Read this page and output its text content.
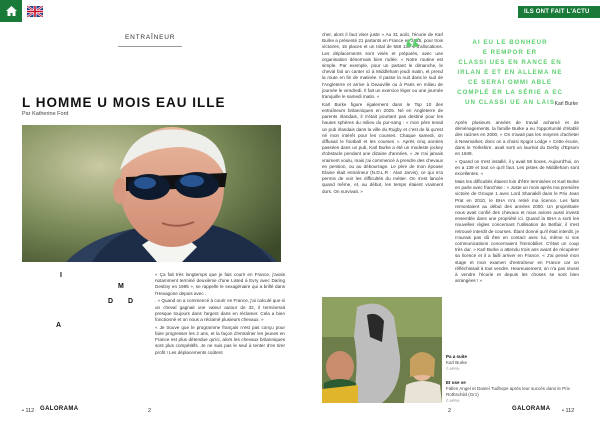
ILS ONT FAIT L'ACTU
ENTRAÎNEUR
L HOMME U MOIS EAU ILLE
Par Katherine Ford
I
M
D D
A

« Ça fait très longtemps que je fais courir en France, j'avais notamment terminé deuxième d'une Listed à Evry avec Daring Destiny en 1995 », se rappelle le sexagénaire qui a brillé dans l'Hexagone depuis avec .

. « Quand on a commencé à courir en France, j'ai calculé que si un cheval gagnait une valeur autour de 32, il terminerait presque toujours dans l'argent dans en réclamer. Cela a bien fonctionné et on nous a réclamé plusieurs chevaux. »

« Je trouve que le programme français n'est pas conçu pour faire progresser les 2 ans, et la façon d'entraîner les jeunes en France est plus détendue qu'ici, alors les chevaux britanniques sont plus compétitifs. Je ne suis pas le seul à tenter d'en tirer profit ! Les déplacements coûtent

cher, alors il faut viser juste » Au 31 août, l'écurie de Karl Burke a présenté 21 partants en France en 2025, pour trois victoires, 15 places et un total de 558 130 € d'allocations. Les déplacements sont visés et préparés, avec une organisation désormais bien rodée. « Notre routine est simple. Par exemple, pour un partant le dimanche, le cheval fait un canter ici à Middleham jeudi matin, et prend la route en fin de matinée. Il passe la nuit dans le sud de l'Angleterre et arrive à Deauville ou à Paris en milieu de journée le vendredi. Il fait un exercice léger ou une journée tranquille le samedi matin. »

Karl Burke figure également dans le Top 10 des entraîneurs britanniques en 2025. Né en Angleterre de parents irlandais, il n'était pourtant pas destiné pour les hautes sphères du milieu du pur-sang : « mon père tenait un pub irlandais dans la ville du Rugby et c'est de là qu'est né mon intérêt pour les courses. Chaque samedi, on diffusait le football et les courses ». Après cinq années passées dans un pub, Karl Burke a été un modeste jockey d'obstacle pendant une dizaine d'années. « Je n'ai jamais vraiment voulu, mais j'ai commencé à prendre des chevaux en pension, ou au débourrage. Le père de mon épouse Elaine était entraîneur (N.D.L.R : Alan Jarvis), ce qui m'a permis de voir les difficultés du métier. On s'est lancés quand même, et, au début, les temps étaient vraiment durs. On survivait. »

“	AI EU LE BONHEUR
E REMPOR ER
CLASSI UES EN RANCE EN
IRLAN E ET EN ALLEMA NE
CE SERAI OMMI ABLE
COMPLÉ ER LA SÉRIE A EC
UN CLASSI UE AN LAIS Karl Burke

Après plusieurs années de travail acharné et de déménagements, la famille Burke a eu l'opportunité d'établir des racines en 2000. « On n'avait pas les moyens d'acheter à Newmarket, donc on a choisi Spigot Lodge » Cette écurie, dans le Yorkshire, avait sorti un lauréat du Derby d'Epsom en 1849.

« Quand on s'est installé, il y avait 58 boxes. Aujourd'hui, on en a 139 et tout ce qu'il faut. Les pistes de Middleham sont excellentes. »

Mais les difficultés étaient loin d'être terminées et Karl Burke en parle avec franchise : « Juste un mois après ma première victoire de Groupe 1 avec Lord Shanakill dans le Prix Jean Prat en 2010, le BHA m'a retiré ma licence. Les faits remontaient au début des années 2000. Un propriétaire nous avait confié des chevaux et nous avions aussi investi ensemble dans une propriété ici. Quand la BHA a sorti les nouvelles règles concernant l'utilisation de Betfair, il s'est retrouvé interdit de courses. Étant donné qu'il était interdit, je n'aurais pas dû être en contact avec lui, même si nos communications concernaient l'immobilier. C'était un coup très dur. » Karl Burke a attendu trois ans avant de récupérer sa licence et il a failli arriver en France. « J'ai pensé mon stage et mon examen d'entraîneur en France car on réfléchissait à tout vendre. Heureusement, on n'a pas réussi à vendre l'écurie et depuis les choses se sont bien arrangées ! »

Pa a suite
Karl Burke
© APRH
Et ose ve
Fallen Angel et Daniel Tudhope après leur succès dans le Prix Rothschild (Gr1)
© APRH
• 112 GALORAMA	2	2	GALORAMA • 112
